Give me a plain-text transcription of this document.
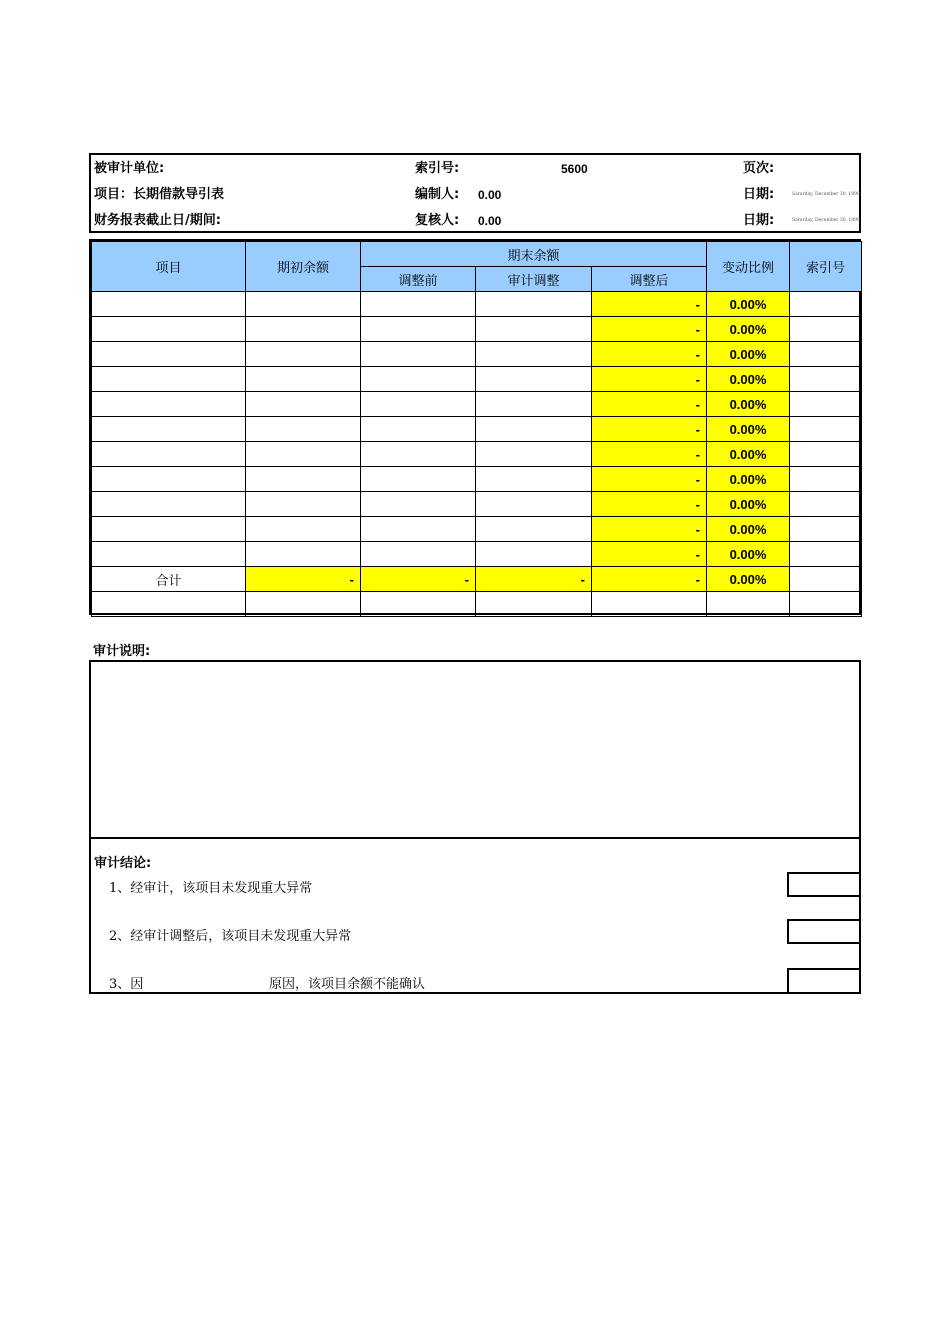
被审计单位:	索引号:	5600	页次:
项目：长期借款导引表	编制人: 0.00	日期:	Saturday, December 30, 1899
财务报表截止日/期间:	复核人: 0.00	日期:	Saturday, December 30, 1899
项目	期初余额	期末余额			变动比例	索引号
		调整前	审计调整	调整后		
				-	0.00%	
				-	0.00%	
				-	0.00%	
				-	0.00%	
				-	0.00%	
				-	0.00%	
				-	0.00%	
				-	0.00%	
				-	0.00%	
				-	0.00%	
				-	0.00%	
合计	-	-	-	-	0.00%	

审计说明:
审计结论:
1、经审计，该项目未发现重大异常
2、经审计调整后，该项目未发现重大异常
3、因	原因，该项目余额不能确认
